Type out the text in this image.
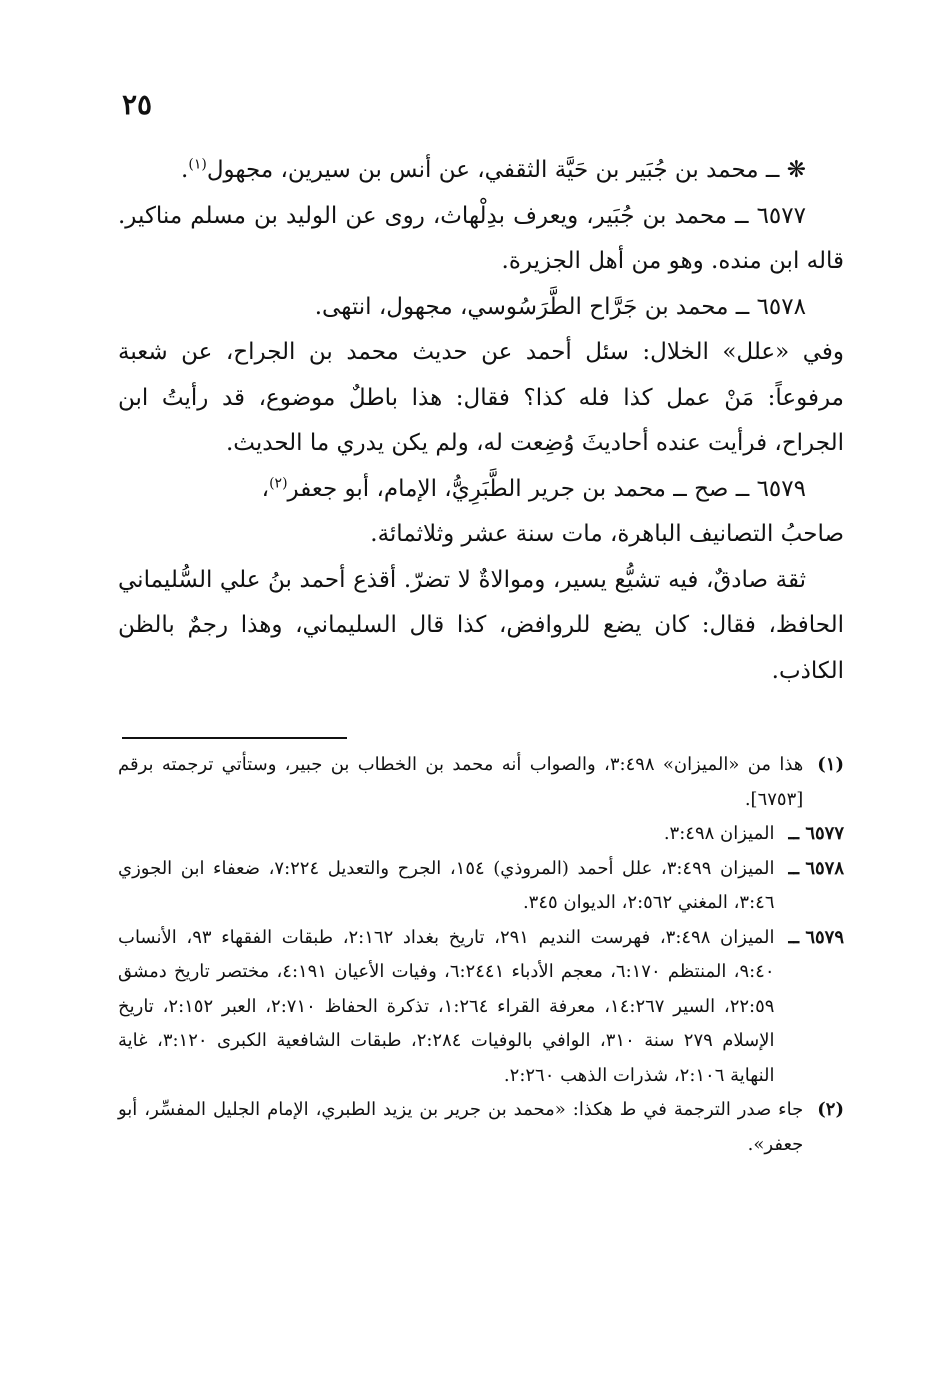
٢٥

❋ ــ محمد بن جُبَير بن حَيَّة الثقفي، عن أنس بن سيرين، مجهول$^{(١)}$.

٦٥٧٧ ــ محمد بن جُبَير، ويعرف بدِلْهاث، روى عن الوليد بن مسلم مناكير. قاله ابن منده. وهو من أهل الجزيرة.

٦٥٧٨ ــ محمد بن جَرَّاح الطَّرَسُوسي، مجهول، انتهى.

وفي «علل» الخلال: سئل أحمد عن حديث محمد بن الجراح، عن شعبة مرفوعاً: مَنْ عمل كذا فله كذا؟ فقال: هذا باطلٌ موضوع، قد رأيتُ ابن الجراح، فرأيت عنده أحاديثَ وُضِعت له، ولم يكن يدري ما الحديث.

٦٥٧٩ ــ صح ــ محمد بن جرير الطَّبَرِيُّ، الإمام، أبو جعفر$^{(٢)}$،

صاحبُ التصانيف الباهرة، مات سنة عشر وثلاثمائة.

ثقة صادقٌ، فيه تشيُّع يسير، وموالاةٌ لا تضرّ. أقذع أحمد بنُ علي السُّليماني الحافظ، فقال: كان يضع للروافض، كذا قال السليماني، وهذا رجمٌ بالظن الكاذب.

(١)
هذا من «الميزان» ٣:٤٩٨، والصواب أنه محمد بن الخطاب بن جبير، وستأتي ترجمته برقم [٦٧٥٣].
٦٥٧٧ ــ
الميزان ٣:٤٩٨.
٦٥٧٨ ــ
الميزان ٣:٤٩٩، علل أحمد (المروذي) ١٥٤، الجرح والتعديل ٧:٢٢٤، ضعفاء ابن الجوزي ٣:٤٦، المغني ٢:٥٦٢، الديوان ٣٤٥.
٦٥٧٩ ــ
الميزان ٣:٤٩٨، فهرست النديم ٢٩١، تاريخ بغداد ٢:١٦٢، طبقات الفقهاء ٩٣، الأنساب ٩:٤٠، المنتظم ٦:١٧٠، معجم الأدباء ٦:٢٤٤١، وفيات الأعيان ٤:١٩١، مختصر تاريخ دمشق ٢٢:٥٩، السير ١٤:٢٦٧، معرفة القراء ١:٢٦٤، تذكرة الحفاظ ٢:٧١٠، العبر ٢:١٥٢، تاريخ الإسلام ٢٧٩ سنة ٣١٠، الوافي بالوفيات ٢:٢٨٤، طبقات الشافعية الكبرى ٣:١٢٠، غاية النهاية ٢:١٠٦، شذرات الذهب ٢:٢٦٠.
(٢)
جاء صدر الترجمة في ط هكذا: «محمد بن جرير بن يزيد الطبري، الإمام الجليل المفسِّر، أبو جعفر».
